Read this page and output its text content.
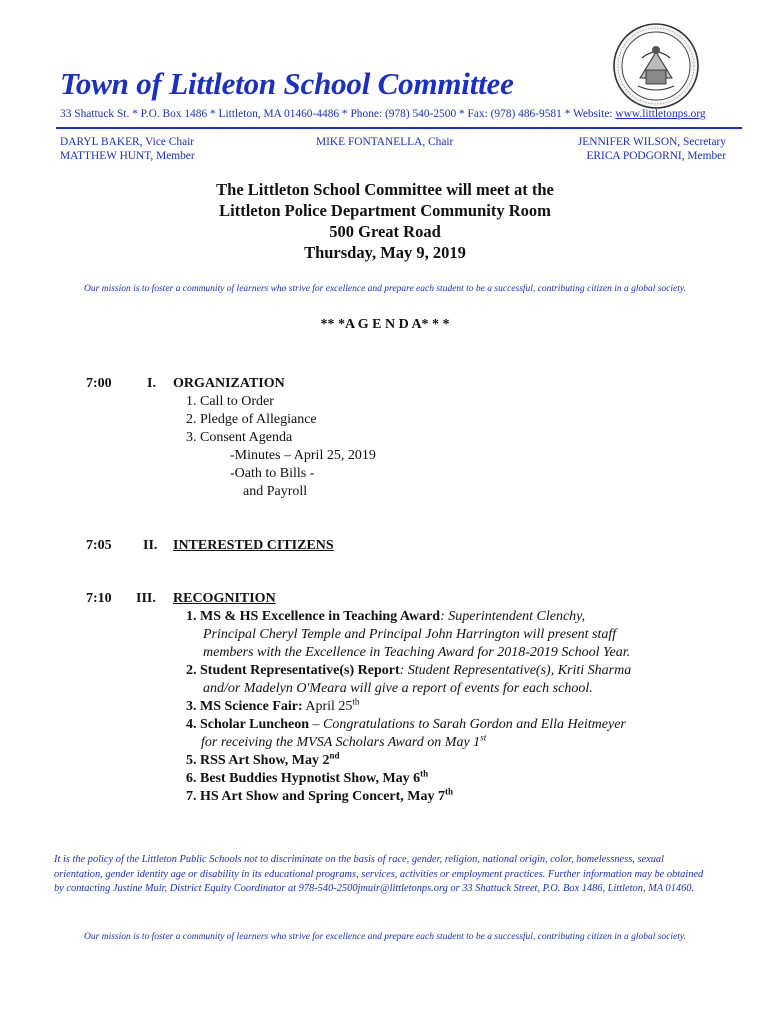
Town of Littleton School Committee
33 Shattuck St. * P.O. Box 1486 * Littleton, MA 01460-4486 * Phone: (978) 540-2500 * Fax: (978) 486-9581 * Website: www.littletonps.org
DARYL BAKER, Vice Chair
MATTHEW HUNT, Member
MIKE FONTANELLA, Chair	JENNIFER WILSON, Secretary
ERICA PODGORNI, Member
The Littleton School Committee will meet at the
Littleton Police Department Community Room
500 Great Road
Thursday, May 9, 2019
Our mission is to foster a community of learners who strive for excellence and prepare each student to be a successful, contributing citizen in a global society.
** *A G E N D A* * *
7:00	I. ORGANIZATION
1. Call to Order
2. Pledge of Allegiance
3. Consent Agenda
-Minutes – April 25, 2019
-Oath to Bills -
and Payroll
7:05 II. INTERESTED CITIZENS
7:10 III. RECOGNITION
1. MS & HS Excellence in Teaching Award: Superintendent Clenchy,
Principal Cheryl Temple and Principal John Harrington will present staff
members with the Excellence in Teaching Award for 2018-2019 School Year.
2. Student Representative(s) Report: Student Representative(s), Kriti Sharma
and/or Madelyn O'Meara will give a report of events for each school.
3. MS Science Fair: April 25th
4. Scholar Luncheon – Congratulations to Sarah Gordon and Ella Heitmeyer
for receiving the MVSA Scholars Award on May 1st
5. RSS Art Show, May 2nd
6. Best Buddies Hypnotist Show, May 6th
7. HS Art Show and Spring Concert, May 7th
It is the policy of the Littleton Public Schools not to discriminate on the basis of race, gender, religion, national origin, color, homelessness, sexual orientation, gender identity age or disability in its educational programs, services, activities or employment practices. Further information may be obtained by contacting Justine Muir, District Equity Coordinator at 978-540-2500jmuir@littletonps.org or 33 Shattuck Street, P.O. Box 1486, Littleton, MA 01460.
Our mission is to foster a community of learners who strive for excellence and prepare each student to be a successful, contributing citizen in a global society.
